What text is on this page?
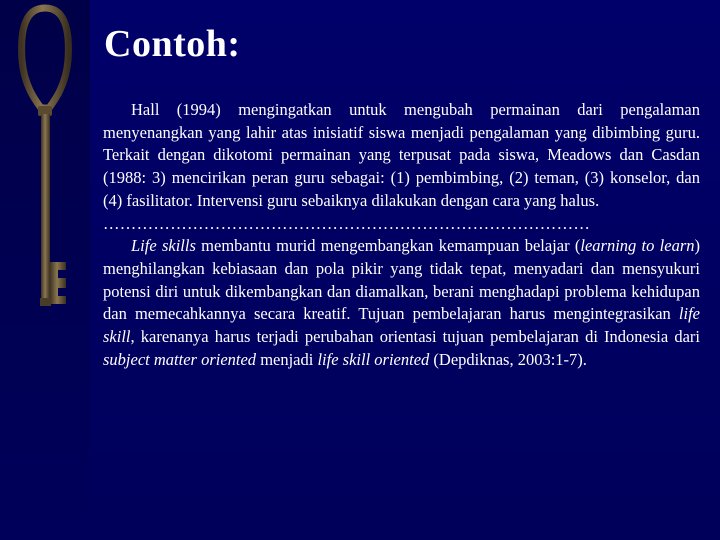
Contoh:

Hall (1994) mengingatkan untuk mengubah permainan dari pengalaman menyenangkan yang lahir atas inisiatif siswa menjadi pengalaman yang dibimbing guru. Terkait dengan dikotomi permainan yang terpusat pada siswa, Meadows dan Casdan (1988: 3) mencirikan peran guru sebagai: (1) pembimbing, (2) teman, (3) konselor, dan (4) fasilitator. Intervensi guru sebaiknya dilakukan dengan cara yang halus.

……………………………………………………………………………

Life skills membantu murid mengembangkan kemampuan belajar (learning to learn) menghilangkan kebiasaan dan pola pikir yang tidak tepat, menyadari dan mensyukuri potensi diri untuk dikembangkan dan diamalkan, berani menghadapi problema kehidupan dan memecahkannya secara kreatif. Tujuan pembelajaran harus mengintegrasikan life skill, karenanya harus terjadi perubahan orientasi tujuan pembelajaran di Indonesia dari subject matter oriented menjadi life skill oriented (Depdiknas, 2003:1-7).
